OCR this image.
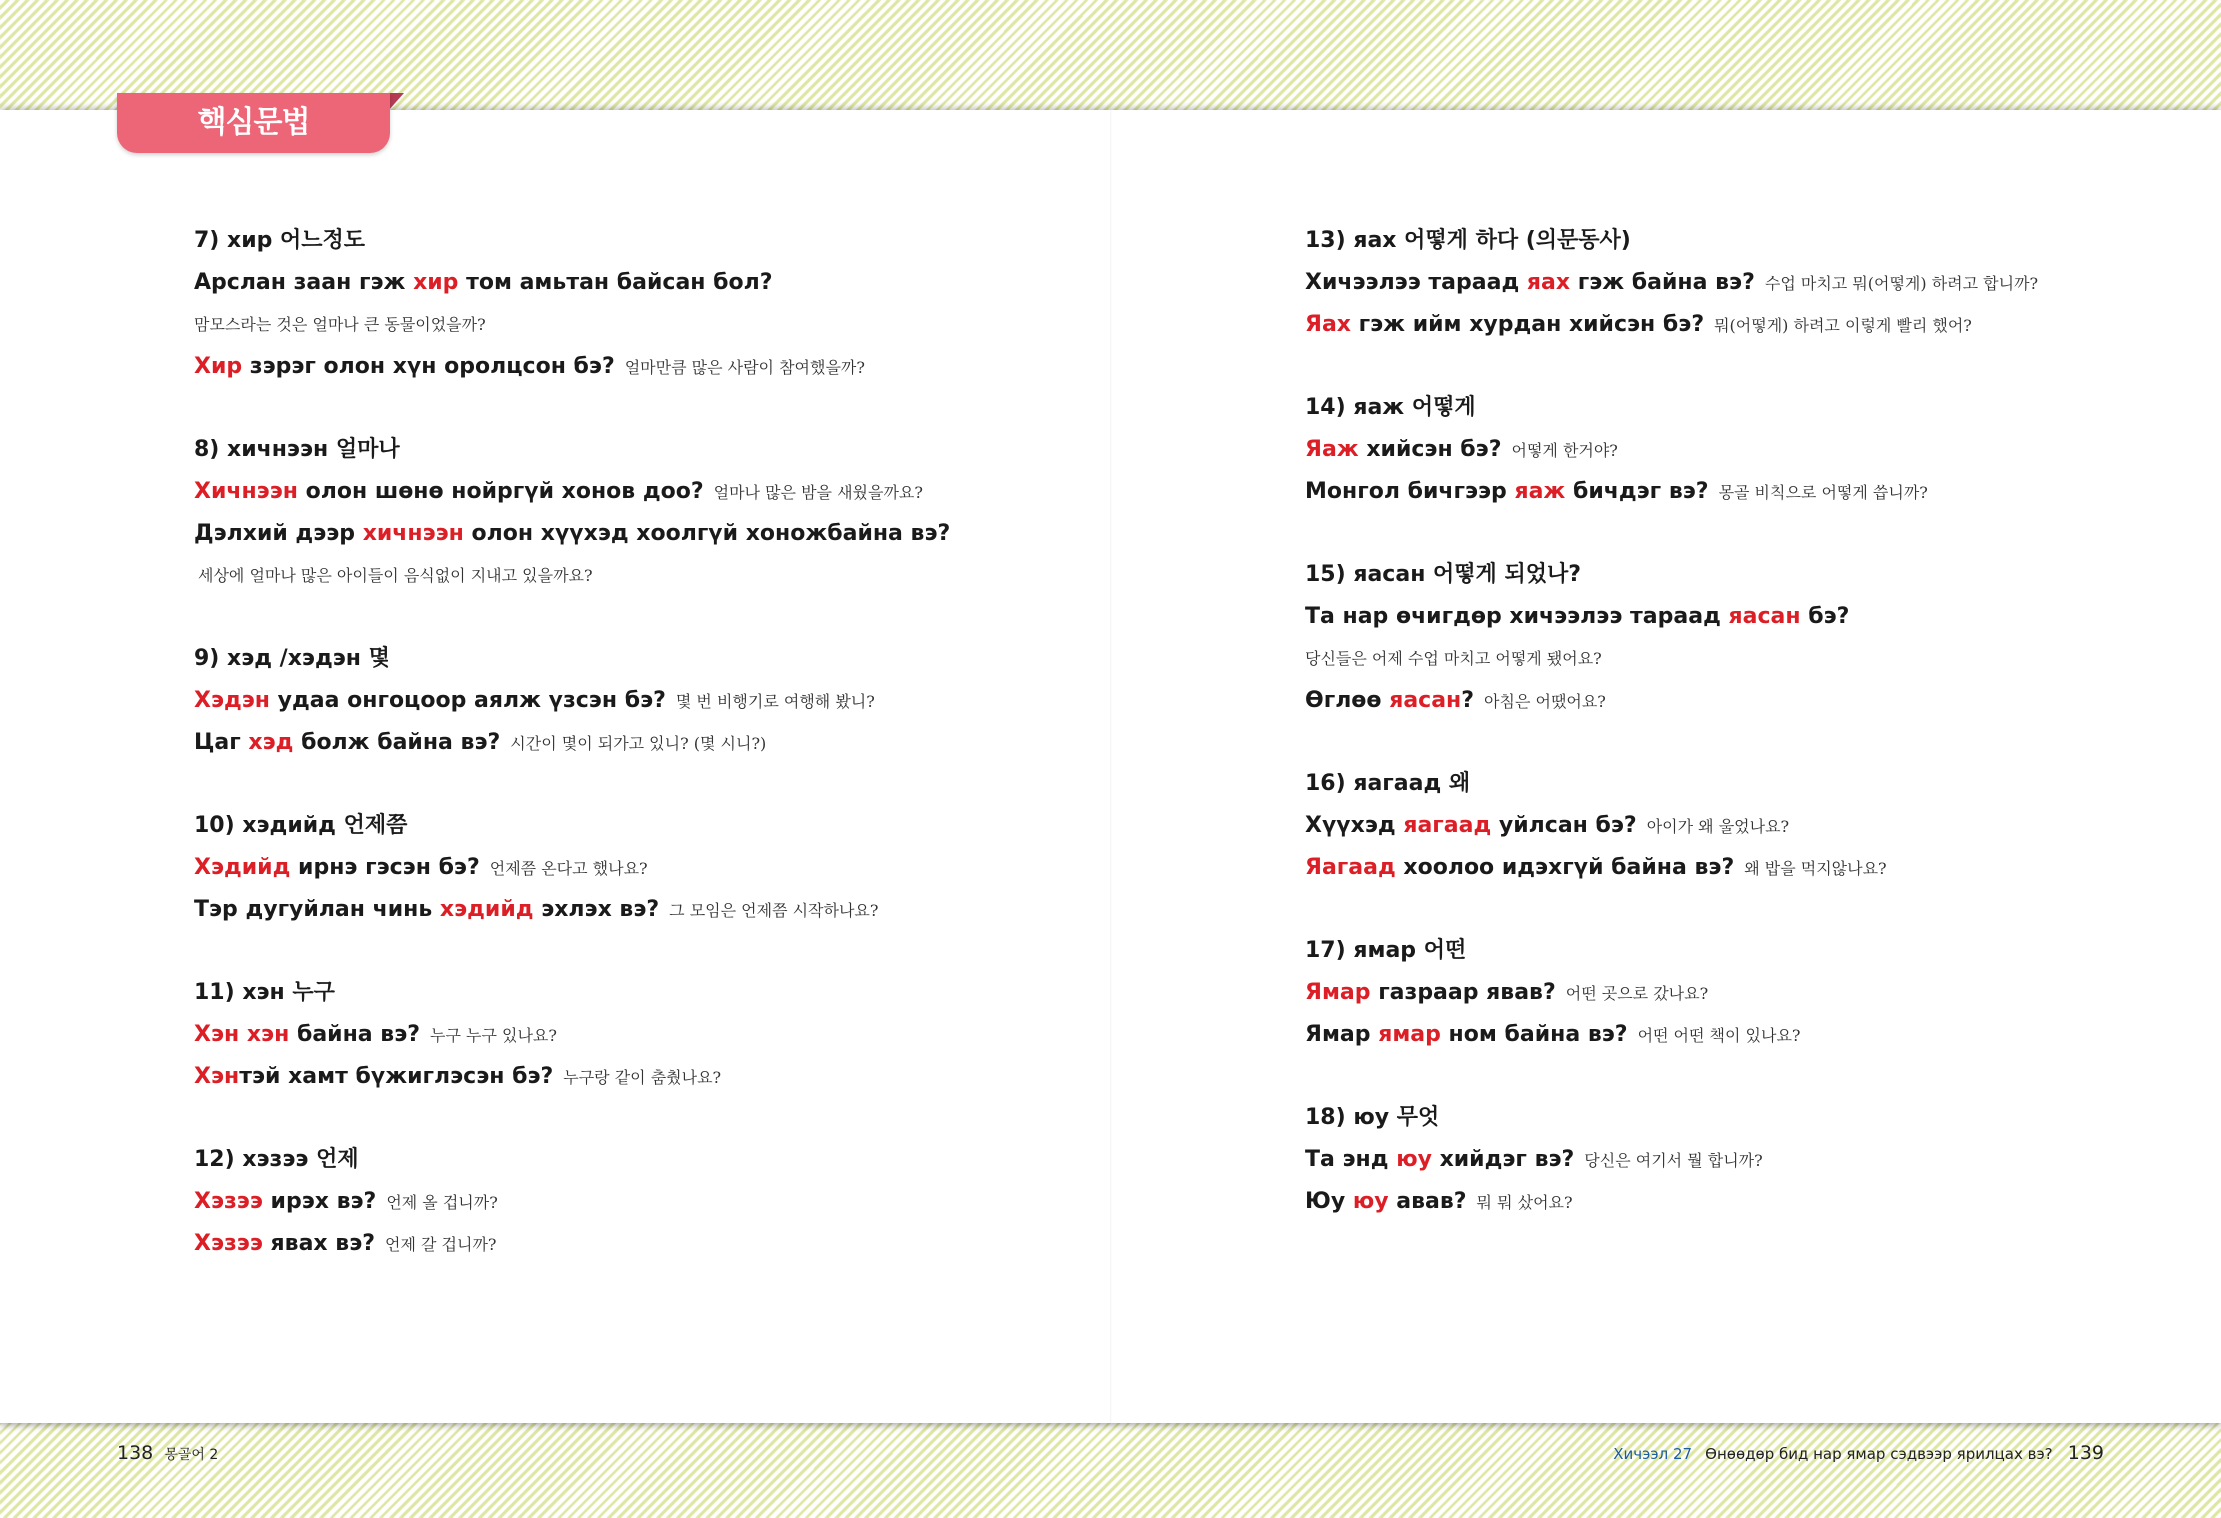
핵심문법
7) хир 어느정도
Арслан заан гэж хир том амьтан байсан бол?
맘모스라는 것은 얼마나 큰 동물이었을까?
Хир зэрэг олон хүн оролцсон бэ? 얼마만큼 많은 사람이 참여했을까?
8) хичнээн 얼마나
Хичнээн олон шөнө нойргүй хонов доо? 얼마나 많은 밤을 새웠을까요?
Дэлхий дээр хичнээн олон хүүхэд хоолгүй хоножбайна вэ?
세상에 얼마나 많은 아이들이 음식없이 지내고 있을까요?
9) хэд /хэдэн 몇
Хэдэн удаа онгоцоор аялж үзсэн бэ? 몇 번 비행기로 여행해 봤니?
Цаг хэд болж байна вэ? 시간이 몇이 되가고 있니? (몇 시니?)
10) хэдийд 언제쯤
Хэдийд ирнэ гэсэн бэ? 언제쯤 온다고 했나요?
Тэр дугуйлан чинь хэдийд эхлэх вэ? 그 모임은 언제쯤 시작하나요?
11) хэн 누구
Хэн хэн байна вэ? 누구 누구 있나요?
Хэнтэй хамт бүжиглэсэн бэ? 누구랑 같이 춤췄나요?
12) хэзээ 언제
Хэзээ ирэх вэ? 언제 올 겁니까?
Хэзээ явах вэ? 언제 갈 겁니까?
13) яах 어떻게 하다 (의문동사)
Хичээлээ тараад яах гэж байна вэ? 수업 마치고 뭐(어떻게) 하려고 합니까?
Яах гэж ийм хурдан хийсэн бэ? 뭐(어떻게) 하려고 이렇게 빨리 했어?
14) яаж 어떻게
Яаж хийсэн бэ? 어떻게 한거야?
Монгол бичгээр яаж бичдэг вэ? 몽골 비칙으로 어떻게 씁니까?
15) яасан 어떻게 되었나?
Та нар өчигдөр хичээлээ тараад яасан бэ?
당신들은 어제 수업 마치고 어떻게 됐어요?
Өглөө яасан? 아침은 어땠어요?
16) яагаад 왜
Хүүхэд яагаад уйлсан бэ? 아이가 왜 울었나요?
Яагаад хоолоо идэхгүй байна вэ? 왜 밥을 먹지않나요?
17) ямар 어떤
Ямар газраар явав? 어떤 곳으로 갔나요?
Ямар ямар ном байна вэ? 어떤 어떤 책이 있나요?
18) юу 무엇
Та энд юу хийдэг вэ? 당신은 여기서 뭘 합니까?
Юу юу авав? 뭐 뭐 샀어요?
138 몽골어 2	Хичээл 27 Өнөөдөр бид нар ямар сэдвээр ярилцах вэ? 139
